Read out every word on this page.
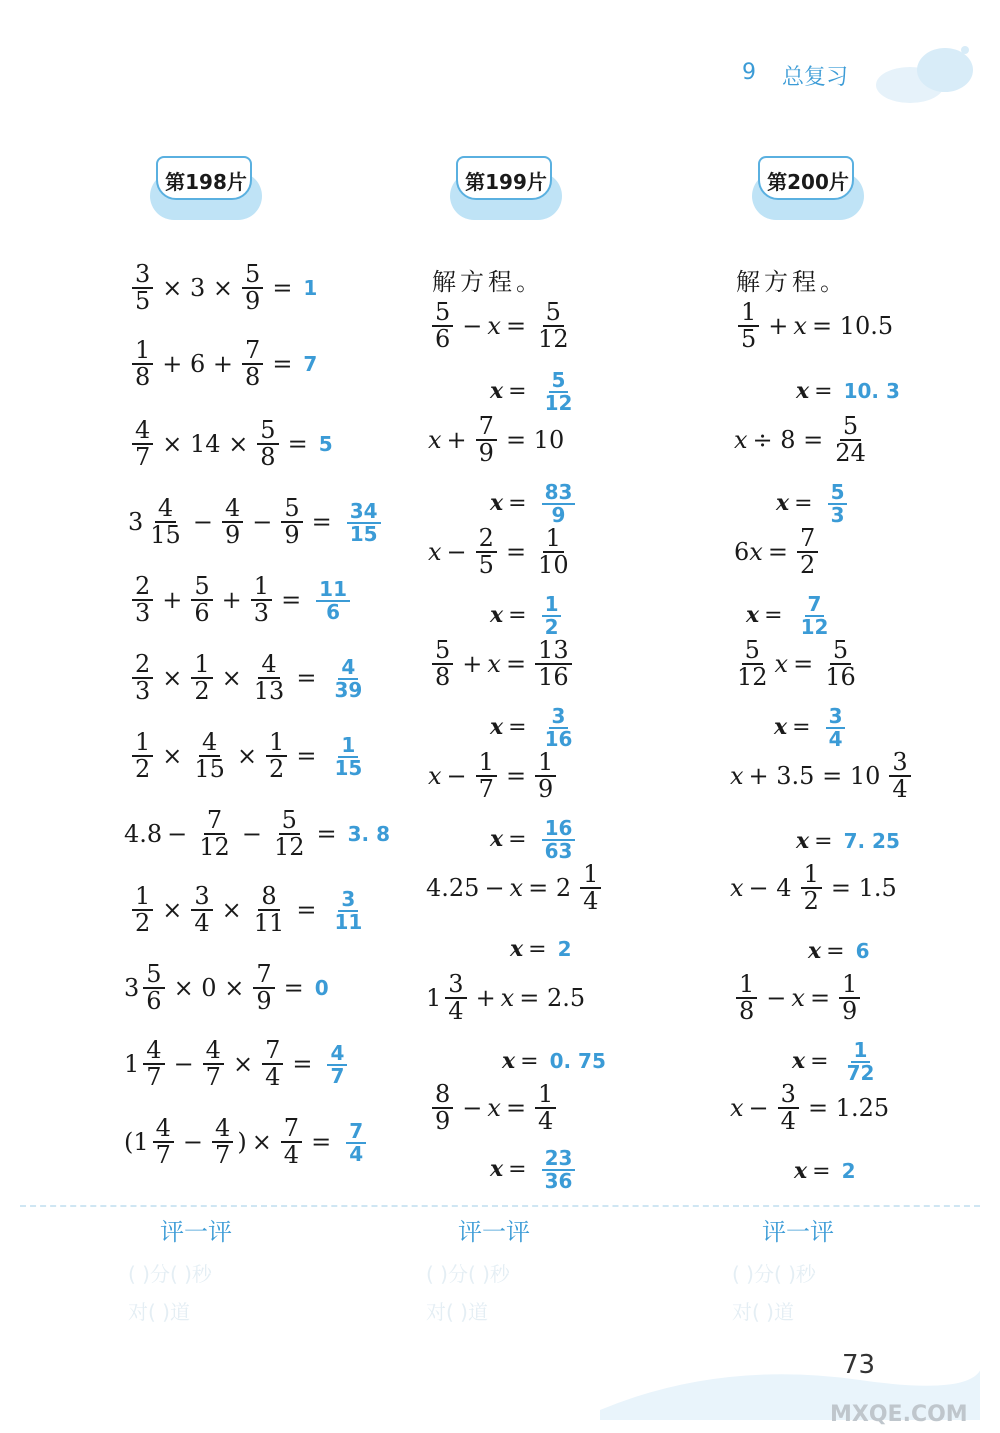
9 总复习
第198片	第199片	第200片
$\frac{3}{5} \times 3 \times \frac{5}{9} = 1$
$\frac{1}{8} + 6 + \frac{7}{8} = 7$
$\frac{4}{7} \times 14 \times \frac{5}{8} = 5$
$3 \frac{4}{15} - \frac{4}{9} - \frac{5}{9} = \frac{34}{15}$
$\frac{2}{3} + \frac{5}{6} + \frac{1}{3} = \frac{11}{6}$
$\frac{2}{3} \times \frac{1}{2} \times \frac{4}{13} = \frac{4}{39}$
$\frac{1}{2} \times \frac{4}{15} \times \frac{1}{2} = \frac{1}{15}$
$4.8 - \frac{7}{12} - \frac{5}{12} = 3$. 8
$\frac{1}{2} \times \frac{3}{4} \times \frac{8}{11} = \frac{3}{11}$
$3 \frac{5}{6} \times 0 \times \frac{7}{9} = 0$
$1 \frac{4}{7} - \frac{4}{7} \times \frac{7}{4} = \frac{4}{7}$
($1 \frac{4}{7} - \frac{4}{7}$ ) × $\frac{7}{4} = \frac{7}{4}$
解方程。
$\frac{5}{6} - x = \frac{5}{12}$
$x = \frac{5}{12}$
$x + \frac{7}{9} = 10$
$x = \frac{83}{9}$
$x - \frac{2}{5} = \frac{1}{10}$
$x = \frac{1}{2}$
$\frac{5}{8} + x = \frac{13}{16}$
$x = \frac{3}{16}$
$x - \frac{1}{7} = \frac{1}{9}$
$x = \frac{16}{63}$
$4.25 - x = 2 \frac{1}{4}$
x = 2
$1 \frac{3}{4} + x = 2.5$
x = 0. 75
$\frac{8}{9} - x = \frac{1}{4}$
$x = \frac{23}{36}$
解方程。
$\frac{1}{5} + x = 10.5$
x = 10. 3
$x \div 8 = \frac{5}{24}$
$x = \frac{5}{3}$
6 $x = \frac{7}{2}$
$x = \frac{7}{12}$
$\frac{5}{12}$ $x = \frac{5}{16}$
$x = \frac{3}{4}$
$x + 3.5 = 10 \frac{3}{4}$
x = 7. 25
$x - 4 \frac{1}{2} = 1.5$
x = 6
$\frac{1}{8} - x = \frac{1}{9}$
$x = \frac{1}{72}$
$x - \frac{3}{4} = 1.25$
x = 2
评一评	评一评	评一评
( )分( )秒
对( )道
( )分( )秒
对( )道
( )分( )秒
对( )道
73
MXQE.COM
